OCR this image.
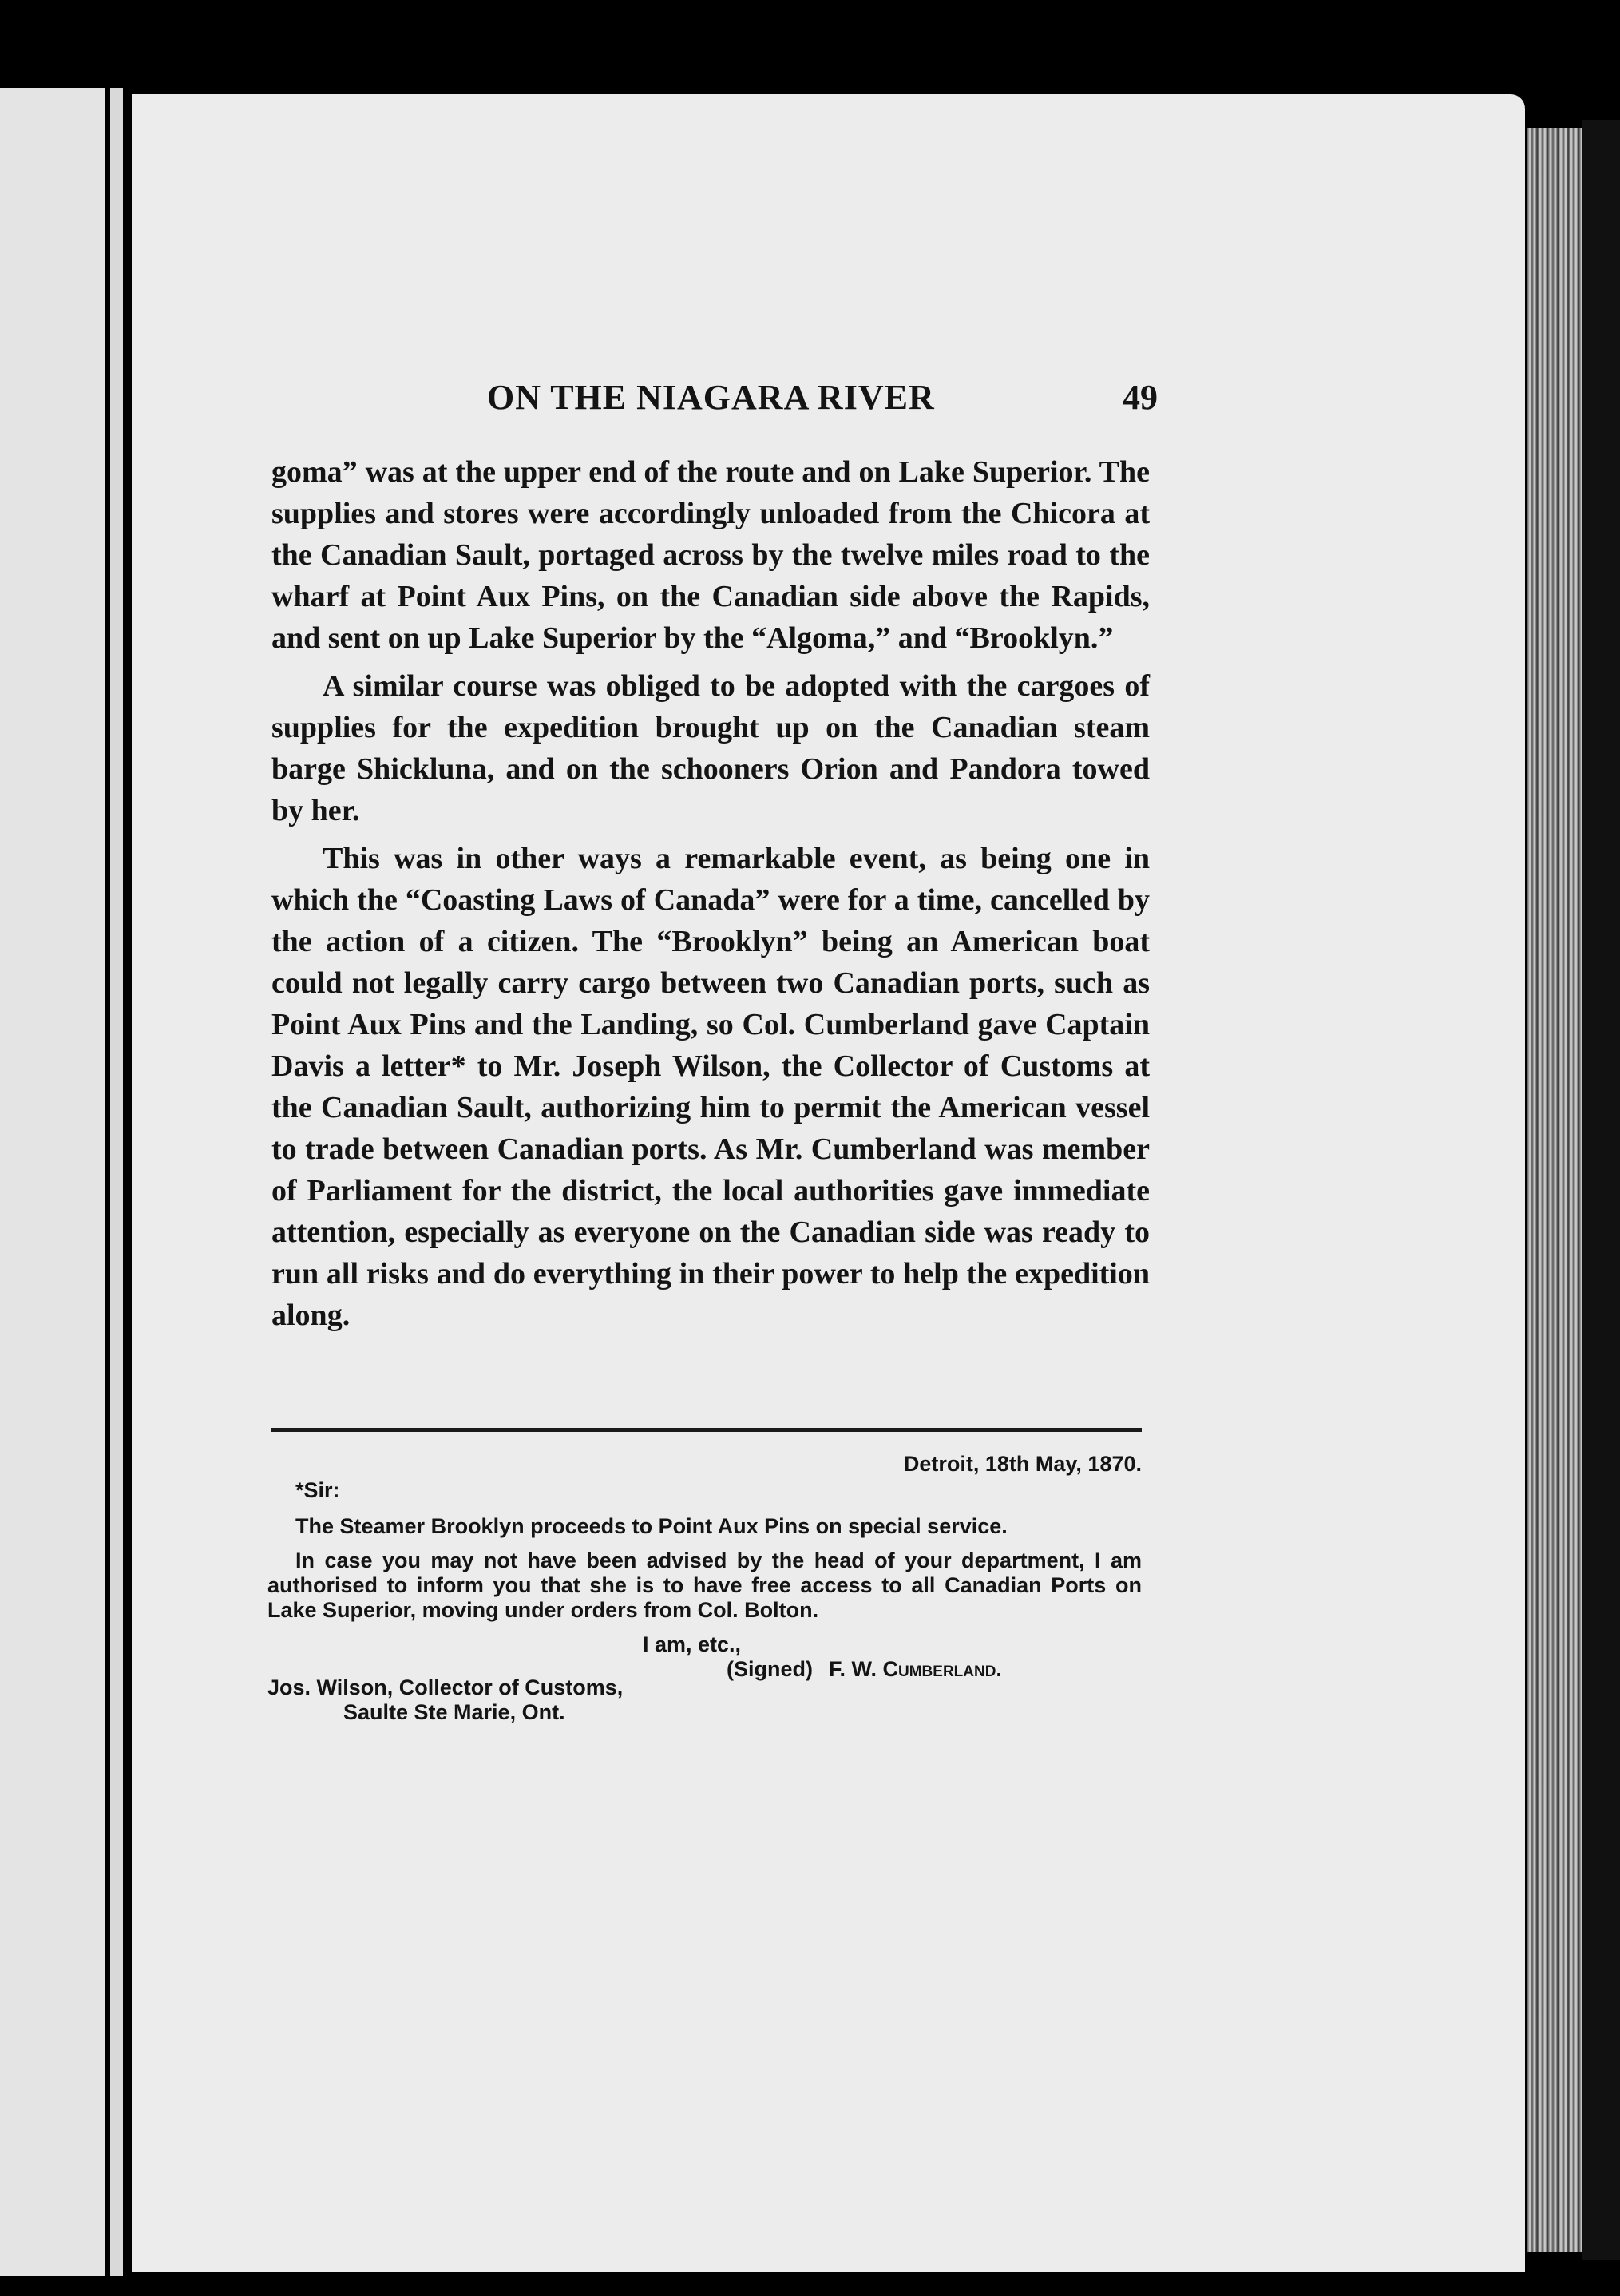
ON THE NIAGARA RIVER	49

goma” was at the upper end of the route and on Lake Superior. The supplies and stores were accordingly unloaded from the Chicora at the Canadian Sault, portaged across by the twelve miles road to the wharf at Point Aux Pins, on the Canadian side above the Rapids, and sent on up Lake Superior by the “Algoma,” and “Brooklyn.”

A similar course was obliged to be adopted with the cargoes of supplies for the expedition brought up on the Canadian steam barge Shickluna, and on the schooners Orion and Pandora towed by her.

This was in other ways a remarkable event, as being one in which the “Coasting Laws of Canada” were for a time, cancelled by the action of a citizen. The “Brooklyn” being an American boat could not legally carry cargo between two Canadian ports, such as Point Aux Pins and the Landing, so Col. Cumberland gave Captain Davis a letter* to Mr. Joseph Wilson, the Collector of Customs at the Canadian Sault, authorizing him to permit the American vessel to trade between Canadian ports. As Mr. Cumberland was member of Parliament for the district, the local authorities gave immediate attention, especially as everyone on the Canadian side was ready to run all risks and do everything in their power to help the expedition along.

Detroit, 18th May, 1870.

*Sir:

The Steamer Brooklyn proceeds to Point Aux Pins on special service.

In case you may not have been advised by the head of your department, I am authorised to inform you that she is to have free access to all Canadian Ports on Lake Superior, moving under orders from Col. Bolton.

I am, etc.,

(Signed) F. W. Cumberland.

Jos. Wilson, Collector of Customs,

Saulte Ste Marie, Ont.
